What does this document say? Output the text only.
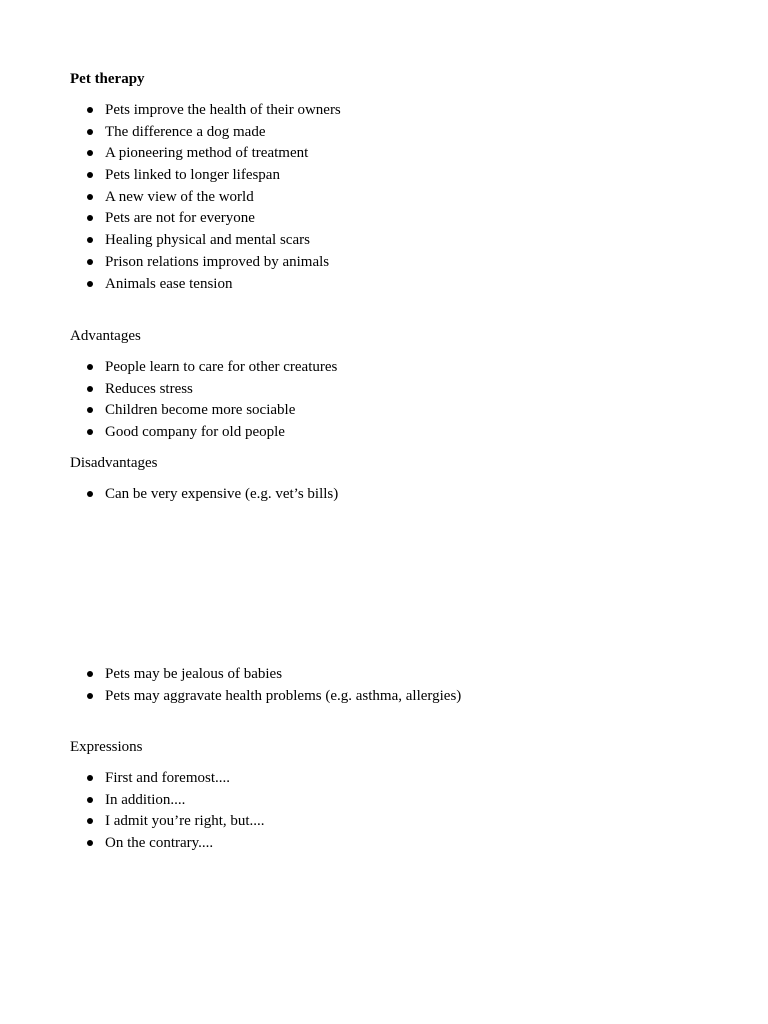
Pet therapy
Pets improve the health of their owners
The difference a dog made
A pioneering method of treatment
Pets linked to longer lifespan
A new view of the world
Pets are not for everyone
Healing physical and mental scars
Prison relations improved by animals
Animals ease tension
Advantages
People learn to care for other creatures
Reduces stress
Children become more sociable
Good company for old people
Disadvantages
Can be very expensive (e.g. vet’s bills)
Pets may be jealous of babies
Pets may aggravate health problems (e.g. asthma, allergies)
Expressions
First and foremost....
In addition....
I admit you’re right, but....
On the contrary....
